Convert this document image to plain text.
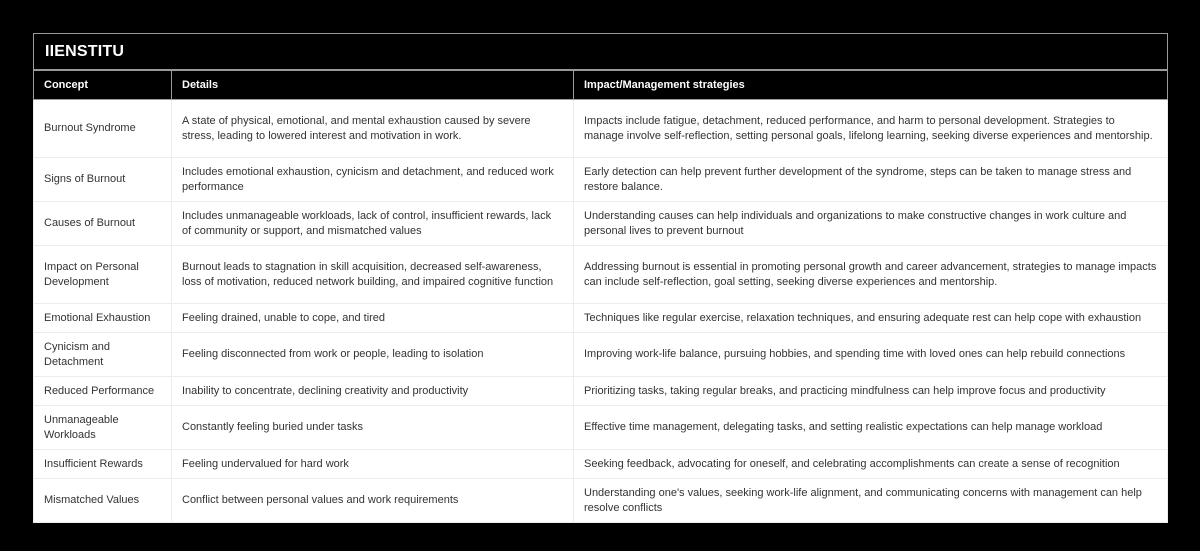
IIENSTITU		
Concept	Details	Impact/Management strategies
Burnout Syndrome	A state of physical, emotional, and mental exhaustion caused by severe stress, leading to lowered interest and motivation in work.	Impacts include fatigue, detachment, reduced performance, and harm to personal development. Strategies to manage involve self-reflection, setting personal goals, lifelong learning, seeking diverse experiences and mentorship.
Signs of Burnout	Includes emotional exhaustion, cynicism and detachment, and reduced work performance	Early detection can help prevent further development of the syndrome, steps can be taken to manage stress and restore balance.
Causes of Burnout	Includes unmanageable workloads, lack of control, insufficient rewards, lack of community or support, and mismatched values	Understanding causes can help individuals and organizations to make constructive changes in work culture and personal lives to prevent burnout
Impact on Personal Development	Burnout leads to stagnation in skill acquisition, decreased self-awareness, loss of motivation, reduced network building, and impaired cognitive function	Addressing burnout is essential in promoting personal growth and career advancement, strategies to manage impacts can include self-reflection, goal setting, seeking diverse experiences and mentorship.
Emotional Exhaustion	Feeling drained, unable to cope, and tired	Techniques like regular exercise, relaxation techniques, and ensuring adequate rest can help cope with exhaustion
Cynicism and Detachment	Feeling disconnected from work or people, leading to isolation	Improving work-life balance, pursuing hobbies, and spending time with loved ones can help rebuild connections
Reduced Performance	Inability to concentrate, declining creativity and productivity	Prioritizing tasks, taking regular breaks, and practicing mindfulness can help improve focus and productivity
Unmanageable Workloads	Constantly feeling buried under tasks	Effective time management, delegating tasks, and setting realistic expectations can help manage workload
Insufficient Rewards	Feeling undervalued for hard work	Seeking feedback, advocating for oneself, and celebrating accomplishments can create a sense of recognition
Mismatched Values	Conflict between personal values and work requirements	Understanding one's values, seeking work-life alignment, and communicating concerns with management can help resolve conflicts
